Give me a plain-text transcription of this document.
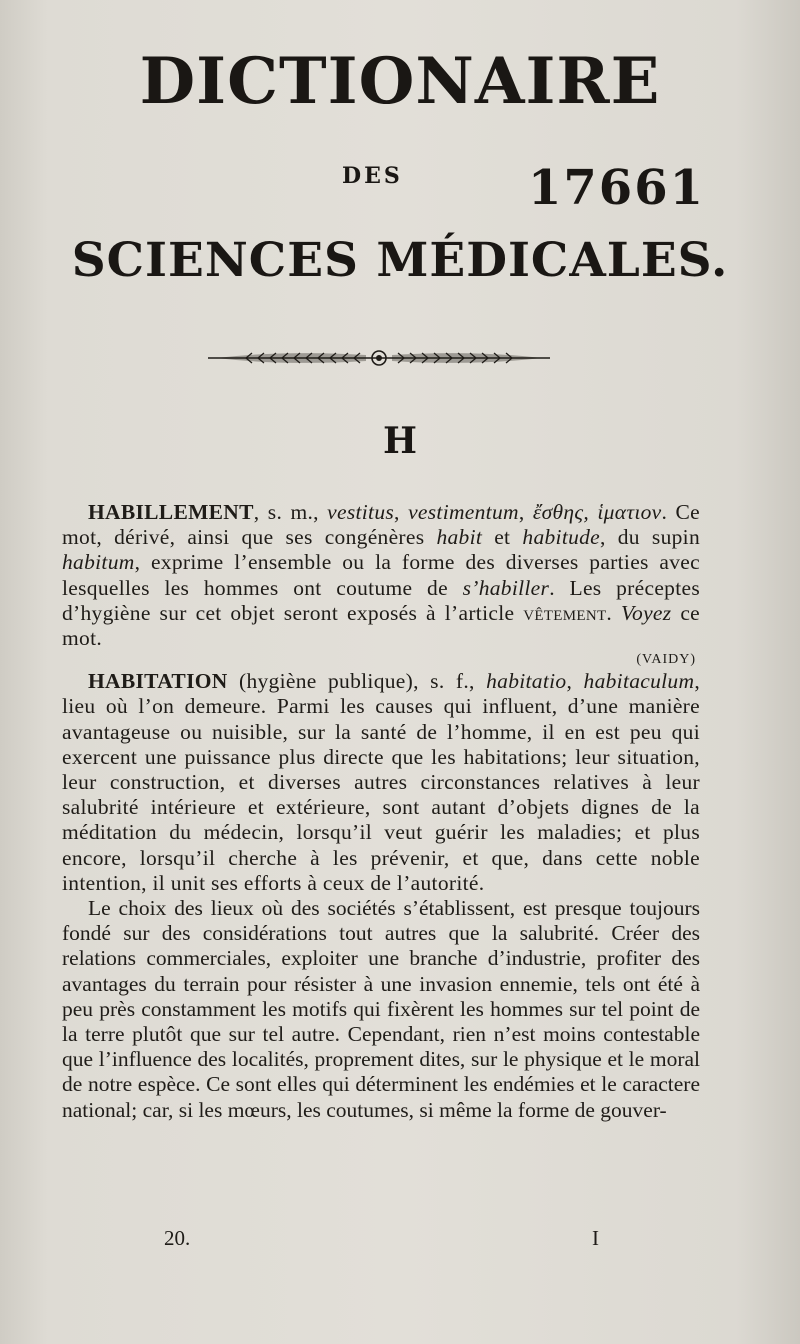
DICTIONAIRE
DES	17661
SCIENCES MÉDICALES.
H

HABILLEMENT, s. m., vestitus, vestimentum, ἔσθης, ἱματιον. Ce mot, dérivé, ainsi que ses congénères habit et habitude, du supin habitum, exprime l’ensemble ou la forme des diverses parties avec lesquelles les hommes ont coutume de s’habiller. Les préceptes d’hygiène sur cet objet seront exposés à l’article vêtement. Voyez ce mot.

(VAIDY)

HABITATION (hygiène publique), s. f., habitatio, habitaculum, lieu où l’on demeure. Parmi les causes qui influent, d’une manière avantageuse ou nuisible, sur la santé de l’homme, il en est peu qui exercent une puissance plus directe que les habitations; leur situation, leur construction, et diverses autres circonstances relatives à leur salubrité intérieure et extérieure, sont autant d’objets dignes de la méditation du médecin, lorsqu’il veut guérir les maladies; et plus encore, lorsqu’il cherche à les prévenir, et que, dans cette noble intention, il unit ses efforts à ceux de l’autorité.

Le choix des lieux où des sociétés s’établissent, est presque toujours fondé sur des considérations tout autres que la salubrité. Créer des relations commerciales, exploiter une branche d’industrie, profiter des avantages du terrain pour résister à une invasion ennemie, tels ont été à peu près constamment les motifs qui fixèrent les hommes sur tel point de la terre plutôt que sur tel autre. Cependant, rien n’est moins contestable que l’influence des localités, proprement dites, sur le physique et le moral de notre espèce. Ce sont elles qui déterminent les endémies et le caractere national; car, si les mœurs, les coutumes, si même la forme de gouver-

20.	I
